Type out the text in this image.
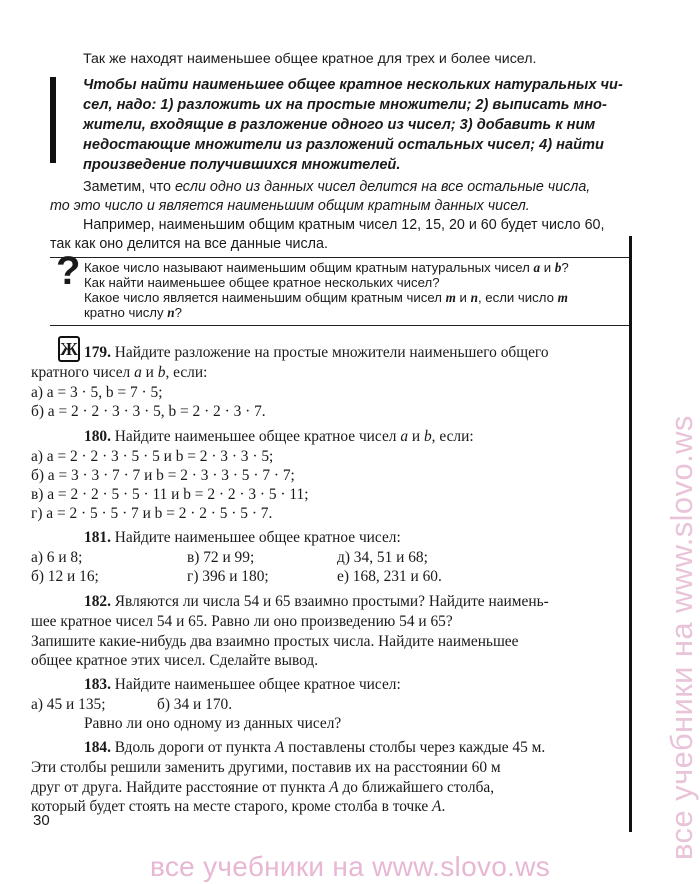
Так же находят наименьшее общее кратное для трех и более чисел.

Чтобы найти наименьшее общее кратное нескольких натуральных чи-

сел, надо: 1) разложить их на простые множители; 2) выписать мно-

жители, входящие в разложение одного из чисел; 3) добавить к ним

недостающие множители из разложений остальных чисел; 4) найти

произведение получившихся множителей.

Заметим, что если одно из данных чисел делится на все остальные числа,

то это число и является наименьшим общим кратным данных чисел.

Например, наименьшим общим кратным чисел 12, 15, 20 и 60 будет число 60,

так как оно делится на все данные числа.

? Какое число называют наименьшим общим кратным натуральных чисел a и b?

Как найти наименьшее общее кратное нескольких чисел?

Какое число является наименьшим общим кратным чисел m и n, если число m

кратно числу n?

Ж 179. Найдите разложение на простые множители наименьшего общего

кратного чисел a и b, если:

а) a = 3 · 5, b = 7 · 5;

б) a = 2 · 2 · 3 · 3 · 5, b = 2 · 2 · 3 · 7.

180. Найдите наименьшее общее кратное чисел a и b, если:

а) a = 2 · 2 · 3 · 5 · 5 и b = 2 · 3 · 3 · 5;

б) a = 3 · 3 · 7 · 7 и b = 2 · 3 · 3 · 5 · 7 · 7;

в) a = 2 · 2 · 5 · 5 · 11 и b = 2 · 2 · 3 · 5 · 11;

г) a = 2 · 5 · 5 · 7 и b = 2 · 2 · 5 · 5 · 7.

181. Найдите наименьшее общее кратное чисел:

а) 6 и 8;	в) 72 и 99;	д) 34, 51 и 68;
б) 12 и 16;	г) 396 и 180;	е) 168, 231 и 60.

182. Являются ли числа 54 и 65 взаимно простыми? Найдите наимень-

шее кратное чисел 54 и 65. Равно ли оно произведению 54 и 65?

Запишите какие-нибудь два взаимно простых числа. Найдите наименьшее

общее кратное этих чисел. Сделайте вывод.

183. Найдите наименьшее общее кратное чисел:

а) 45 и 135;	б) 34 и 170.

Равно ли оно одному из данных чисел?

184. Вдоль дороги от пункта A поставлены столбы через каждые 45 м.

Эти столбы решили заменить другими, поставив их на расстоянии 60 м

друг от друга. Найдите расстояние от пункта A до ближайшего столба,

который будет стоять на месте старого, кроме столба в точке A.

30
все учебники на www.slovo.ws
все учебники на www.slovo.ws
